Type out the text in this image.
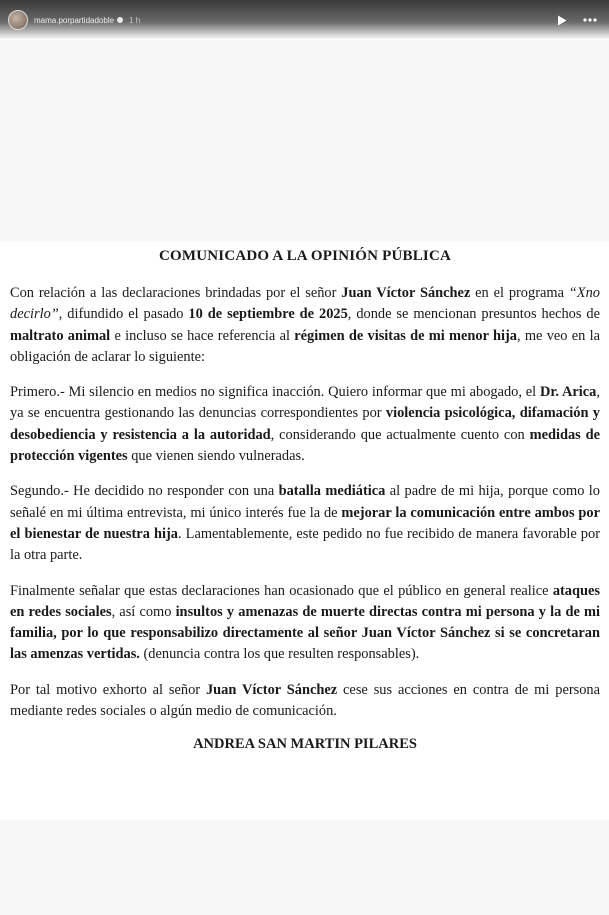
mama.porpartidadoble 1 h
COMUNICADO A LA OPINIÓN PÚBLICA

Con relación a las declaraciones brindadas por el señor Juan Víctor Sánchez en el programa “Xno decirlo”, difundido el pasado 10 de septiembre de 2025, donde se mencionan presuntos hechos de maltrato animal e incluso se hace referencia al régimen de visitas de mi menor hija, me veo en la obligación de aclarar lo siguiente:

Primero.- Mi silencio en medios no significa inacción. Quiero informar que mi abogado, el Dr. Arica, ya se encuentra gestionando las denuncias correspondientes por violencia psicológica, difamación y desobediencia y resistencia a la autoridad, considerando que actualmente cuento con medidas de protección vigentes que vienen siendo vulneradas.

Segundo.- He decidido no responder con una batalla mediática al padre de mi hija, porque como lo señalé en mi última entrevista, mi único interés fue la de mejorar la comunicación entre ambos por el bienestar de nuestra hija. Lamentablemente, este pedido no fue recibido de manera favorable por la otra parte.

Finalmente señalar que estas declaraciones han ocasionado que el público en general realice ataques en redes sociales, así como insultos y amenazas de muerte directas contra mi persona y la de mi familia, por lo que responsabilizo directamente al señor Juan Víctor Sánchez si se concretaran las amenzas vertidas. (denuncia contra los que resulten responsables).

Por tal motivo exhorto al señor Juan Víctor Sánchez cese sus acciones en contra de mi persona mediante redes sociales o algún medio de comunicación.

ANDREA SAN MARTIN PILARES
